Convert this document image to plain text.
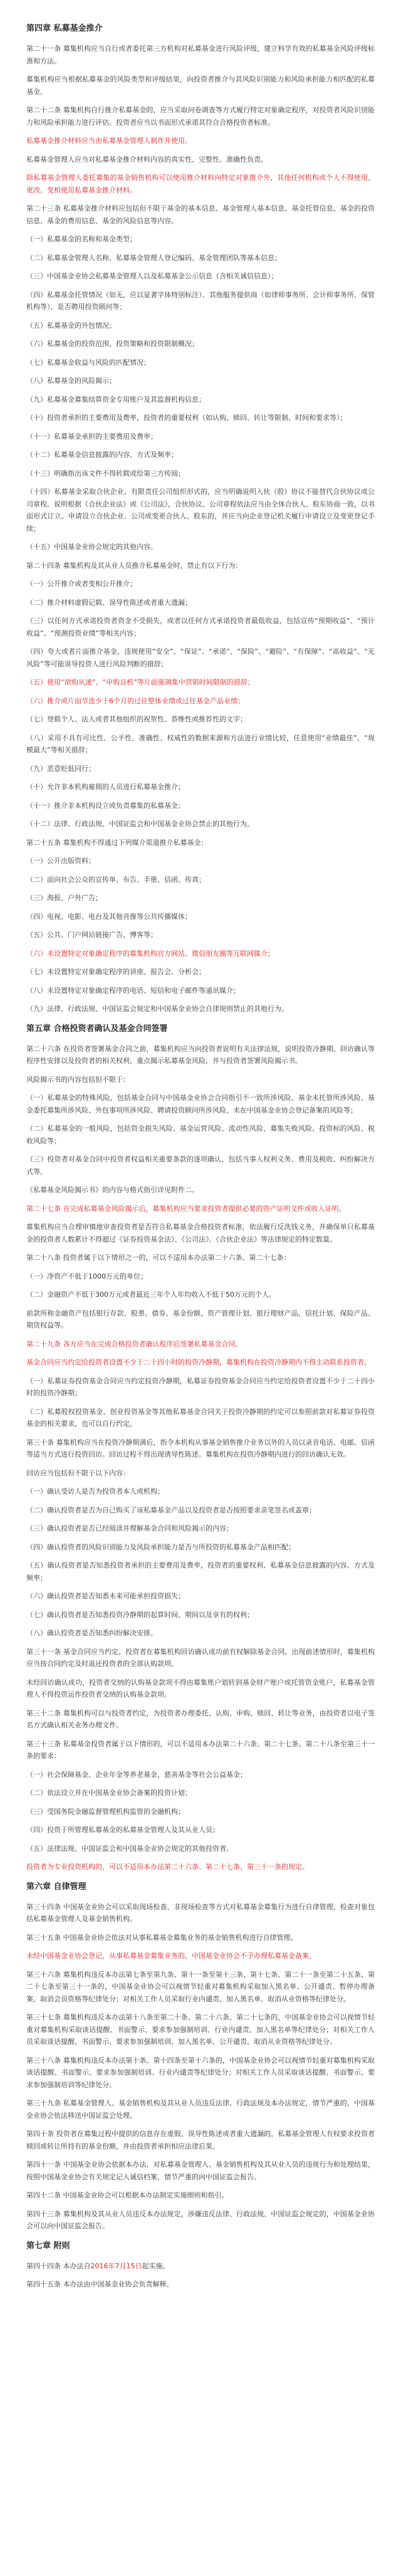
第四章 私募基金推介

第二十一条 募集机构应当自行或者委托第三方机构对私募基金进行风险评级，建立科学有效的私募基金风险评级标准和方法。

募集机构应当根据私募基金的风险类型和评级结果，向投资者推介与其风险识别能力和风险承担能力相匹配的私募基金。

第二十二条 募集机构自行推介私募基金的，应当采取问卷调查等方式履行特定对象确定程序，对投资者风险识别能力和风险承担能力进行评估。投资者应当以书面形式承诺其符合合格投资者标准。

私募基金推介材料应当由私募基金管理人制作并使用。

私募基金管理人应当对私募基金推介材料内容的真实性、完整性、准确性负责。

除私募基金管理人委托募集的基金销售机构可以使用推介材料向特定对象推介外，其他任何机构或个人不得使用、更改、变相使用私募基金推介材料。

第二十三条 私募基金推介材料应包括但不限于基金的基本信息、基金管理人基本信息、基金托管信息、基金的投资信息、基金的费用信息、基金的风险信息等内容。

（一）私募基金的名称和基金类型；

（二）私募基金管理人名称、私募基金管理人登记编码、基金管理团队等基本信息；

（三）中国基金业协会私募基金管理人以及私募基金公示信息（含相关诚信信息）；

（四）私募基金托管情况（如无，应以显著字体特别标注）、其他服务提供商（如律师事务所、会计师事务所、保管机构等），是否聘用投资顾问等；

（五）私募基金的外包情况；

（六）私募基金的投资范围、投资策略和投资限制概况；

（七）私募基金收益与风险的匹配情况；

（八）私募基金的风险揭示；

（九）私募基金募集结算资金专用账户及其监督机构信息；

（十）投资者承担的主要费用及费率，投资者的重要权利（如认购、赎回、转让等限制、时间和要求等）；

（十一）私募基金承担的主要费用及费率；

（十二）私募基金信息披露的内容、方式及频率；

（十三）明确指出该文件不得转载或给第三方传阅；

（十四）私募基金采取合伙企业、有限责任公司组织形式的，应当明确说明入伙（股）协议不能替代合伙协议或公司章程。说明根据《合伙企业法》或《公司法》，合伙协议、公司章程依法应当由全体合伙人、股东协商一致，以书面形式订立。申请设立合伙企业、公司或变更合伙人、股东的，并应当向企业登记机关履行申请设立及变更登记手续；

（十五）中国基金业协会规定的其他内容。

第二十四条 募集机构及其从业人员推介私募基金时，禁止有以下行为：

（一）公开推介或者变相公开推介；

（二）推介材料虚假记载、误导性陈述或者重大遗漏；

（三）以任何方式承诺投资者资金不受损失，或者以任何方式承诺投资者最低收益，包括宣传“预期收益”、“预计收益”、“预测投资业绩”等相关内容；

（四）夸大或者片面推介基金，违规使用“安全”、“保证”、“承诺”、“保险”、“避险”、“有保障”、“高收益”、“无风险”等可能误导投资人进行风险判断的措辞；

（五）使用“欲购从速”、“申购良机”等片面强调集中营销时间限制的措辞；

（六）推介或片面节选少于6个月的过往整体业绩或过往基金产品业绩；

（七）登载个人、法人或者其他组织的祝贺性、恭维性或推荐性的文字；

（八）采用不具有可比性、公平性、准确性、权威性的数据来源和方法进行业绩比较，任意使用“业绩最佳”、“规模最大”等相关措辞；

（九）恶意贬低同行；

（十）允许非本机构雇佣的人员进行私募基金推介；

（十一）推介非本机构设立或负责募集的私募基金；

（十二）法律、行政法规、中国证监会和中国基金业协会禁止的其他行为。

第二十五条 募集机构不得通过下列媒介渠道推介私募基金：

（一）公开出版资料；

（二）面向社会公众的宣传单、布告、手册、信函、传真；

（三）海报、户外广告；

（四）电视、电影、电台及其他音像等公共传播媒体；

（五）公共、门户网站链接广告、博客等；

（六）未设置特定对象确定程序的募集机构官方网站、微信朋友圈等互联网媒介；

（七）未设置特定对象确定程序的讲座、报告会、分析会；

（八）未设置特定对象确定程序的电话、短信和电子邮件等通讯媒介；

（九）法律、行政法规、中国证监会规定和中国基金业协会自律规则禁止的其他行为。

第五章 合格投资者确认及基金合同签署

第二十六条 在投资者签署基金合同之前，募集机构应当向投资者说明有关法律法规，说明投资冷静期、回访确认等程序性安排以及投资者的相关权利，重点揭示私募基金风险，并与投资者签署风险揭示书。

风险揭示书的内容包括但不限于：

（一）私募基金的特殊风险，包括基金合同与中国基金业协会合同指引不一致所涉风险、基金未托管所涉风险、基金委托募集所涉风险、外包事项所涉风险、聘请投资顾问所涉风险、未在中国基金业协会登记备案的风险等；

（二）私募基金的一般风险，包括资金损失风险、基金运营风险、流动性风险、募集失败风险、投资标的风险、税收风险等；

（三）投资者对基金合同中投资者权益相关重要条款的逐项确认，包括当事人权利义务、费用及税收、纠纷解决方式等。

《私募基金风险揭示书》的内容与格式指引详见附件二。

第二十七条 在完成私募基金风险揭示后，募集机构应当要求投资者提供必要的资产证明文件或收入证明。

募集机构应当合理审慎地审查投资者是否符合私募基金合格投资者标准，依法履行反洗钱义务，并确保单只私募基金的投资者人数累计不得超过《证券投资基金法》、《公司法》、《合伙企业法》等法律规定的特定数量。

第二十八条 投资者属于以下情形之一的，可以不适用本办法第二十六条、第二十七条：

（一）净资产不低于1000万元的单位；

（二）金融资产不低于300万元或者最近三年个人年均收入不低于50万元的个人。

前款所称金融资产包括银行存款、股票、债券、基金份额、资产管理计划、银行理财产品、信托计划、保险产品、期货权益等。

第二十九条 各方应当在完成合格投资者确认程序后签署私募基金合同。

基金合同应当约定给投资者设置不少于二十四小时的投资冷静期，募集机构在投资冷静期内不得主动联系投资者。

（一）私募证券投资基金合同应当约定投资冷静期，私募证券投资基金合同应当约定给投资者设置不少于二十四小时的投资冷静期；

（二）私募股权投资基金、创业投资基金等其他私募基金合同关于投资冷静期的约定可以参照前款对私募证券投资基金的相关要求，也可以自行约定。

第三十条 募集机构应当在投资冷静期满后，指令本机构从事基金销售推介业务以外的人员以录音电话、电邮、信函等适当方式进行投资回访。回访过程不得出现诱导性陈述。募集机构在投资冷静期内进行的回访确认无效。

回访应当包括但不限于以下内容：

（一）确认受访人是否为投资者本人或机构；

（二）确认投资者是否为自己购买了该私募基金产品以及投资者是否按照要求亲笔签名或盖章；

（三）确认投资者是否已经阅读并理解基金合同和风险揭示的内容；

（四）确认投资者的风险识别能力及风险承担能力是否与所投资的私募基金产品相匹配；

（五）确认投资者是否知悉投资者承担的主要费用及费率，投资者的重要权利、私募基金信息披露的内容、方式及频率；

（六）确认投资者是否知悉未来可能承担投资损失；

（七）确认投资者是否知悉投资冷静期的起算时间、期间以及享有的权利；

（八）确认投资者是否知悉纠纷解决安排。

第三十一条 基金合同应当约定，投资者在募集机构回访确认成功前有权解除基金合同。出现前述情形时，募集机构应当按合同约定及时退还投资者的全部认购款项。

未经回访确认成功，投资者交纳的认购基金款项不得由募集账户划转到基金财产账户或托管资金账户，私募基金管理人不得投资运作投资者交纳的认购基金款项。

第三十二条 募集机构可以与投资者约定，为投资者办理委托、认购、申购、赎回、转让等业务，由投资者以电子签名方式确认相关业务办理文件。

第三十三条 私募基金投资者属于以下情形的，可以不适用本办法第二十六条、第二十七条、第二十八条至第三十一条的要求：

（一）社会保障基金、企业年金等养老基金，慈善基金等社会公益基金；

（二）依法设立并在中国基金业协会备案的投资计划；

（三）受国务院金融监督管理机构监管的金融机构；

（四）投资于所管理私募基金的私募基金管理人及其从业人员；

（五）法律法规、中国证监会和中国基金业协会规定的其他投资者。

投资者为专业投资机构的，可以不适用本办法第二十六条、第二十七条、第三十一条的规定。

第六章 自律管理

第三十四条 中国基金业协会可以采取现场检查、非现场检查等方式对私募基金募集行为进行自律管理，检查对象包括私募基金管理人及基金销售机构。

第三十五条 中国基金业协会依法对从事私募基金募集业务的基金销售机构进行自律管理。

未经中国基金业协会登记，从事私募基金募集业务的，中国基金业协会不予办理私募基金备案。

第三十六条 募集机构违反本办法第七条至第九条、第十一条至第十三条、第十七条、第二十一条至第二十五条、第二十七条至第三十一条的，中国基金业协会可以视情节轻重对募集机构采取加入黑名单、公开谴责、暂停办理备案、取消会员资格等纪律处分；对相关工作人员采取行业内谴责、加入黑名单、取消从业资格等纪律处分。

第三十七条 募集机构违反本办法第十八条至第二十条、第二十六条、第二十七条的，中国基金业协会可以视情节轻重对募集机构采取谈话提醒、书面警示、要求参加强制培训、行业内谴责、加入黑名单等纪律处分；对相关工作人员采取谈话提醒、书面警示、要求参加强制培训、加入黑名单、公开谴责、取消从业资格等纪律处分。

第三十八条 募集机构违反本办法第十条、第十四条至第十六条的，中国基金业协会可以视情节轻重对募集机构采取谈话提醒、书面警示、要求参加强制培训、行业内谴责等纪律处分；对相关工作人员采取谈话提醒、书面警示、要求参加强制培训等纪律处分。

第三十九条 私募基金管理人、基金销售机构及其从业人员违反法律、行政法规及本办法规定，情节严重的，中国基金业协会依法移送中国证监会处理。

第四十条 投资者在募集过程中提供的信息存在虚假、误导性陈述或者重大遗漏的，私募基金管理人有权要求投资者赎回或转让所持有的基金份额，并由投资者承担相应法律后果。

第四十一条 中国基金业协会依据本办法，对私募基金管理人、基金销售机构及其从业人员的违规行为和处理结果，按照中国基金业协会有关规定记入诚信档案，情节严重的向中国证监会报告。

第四十二条 中国基金业协会可以根据本办法制定实施细则和指引。

第四十三条 募集机构及其从业人员违反本办法规定，涉嫌违反法律、行政法规、中国证监会规定的，中国基金业协会可以向中国证监会报告。

第七章 附则

第四十四条 本办法自2016年7月15日起实施。

第四十五条 本办法由中国基金业协会负责解释。
